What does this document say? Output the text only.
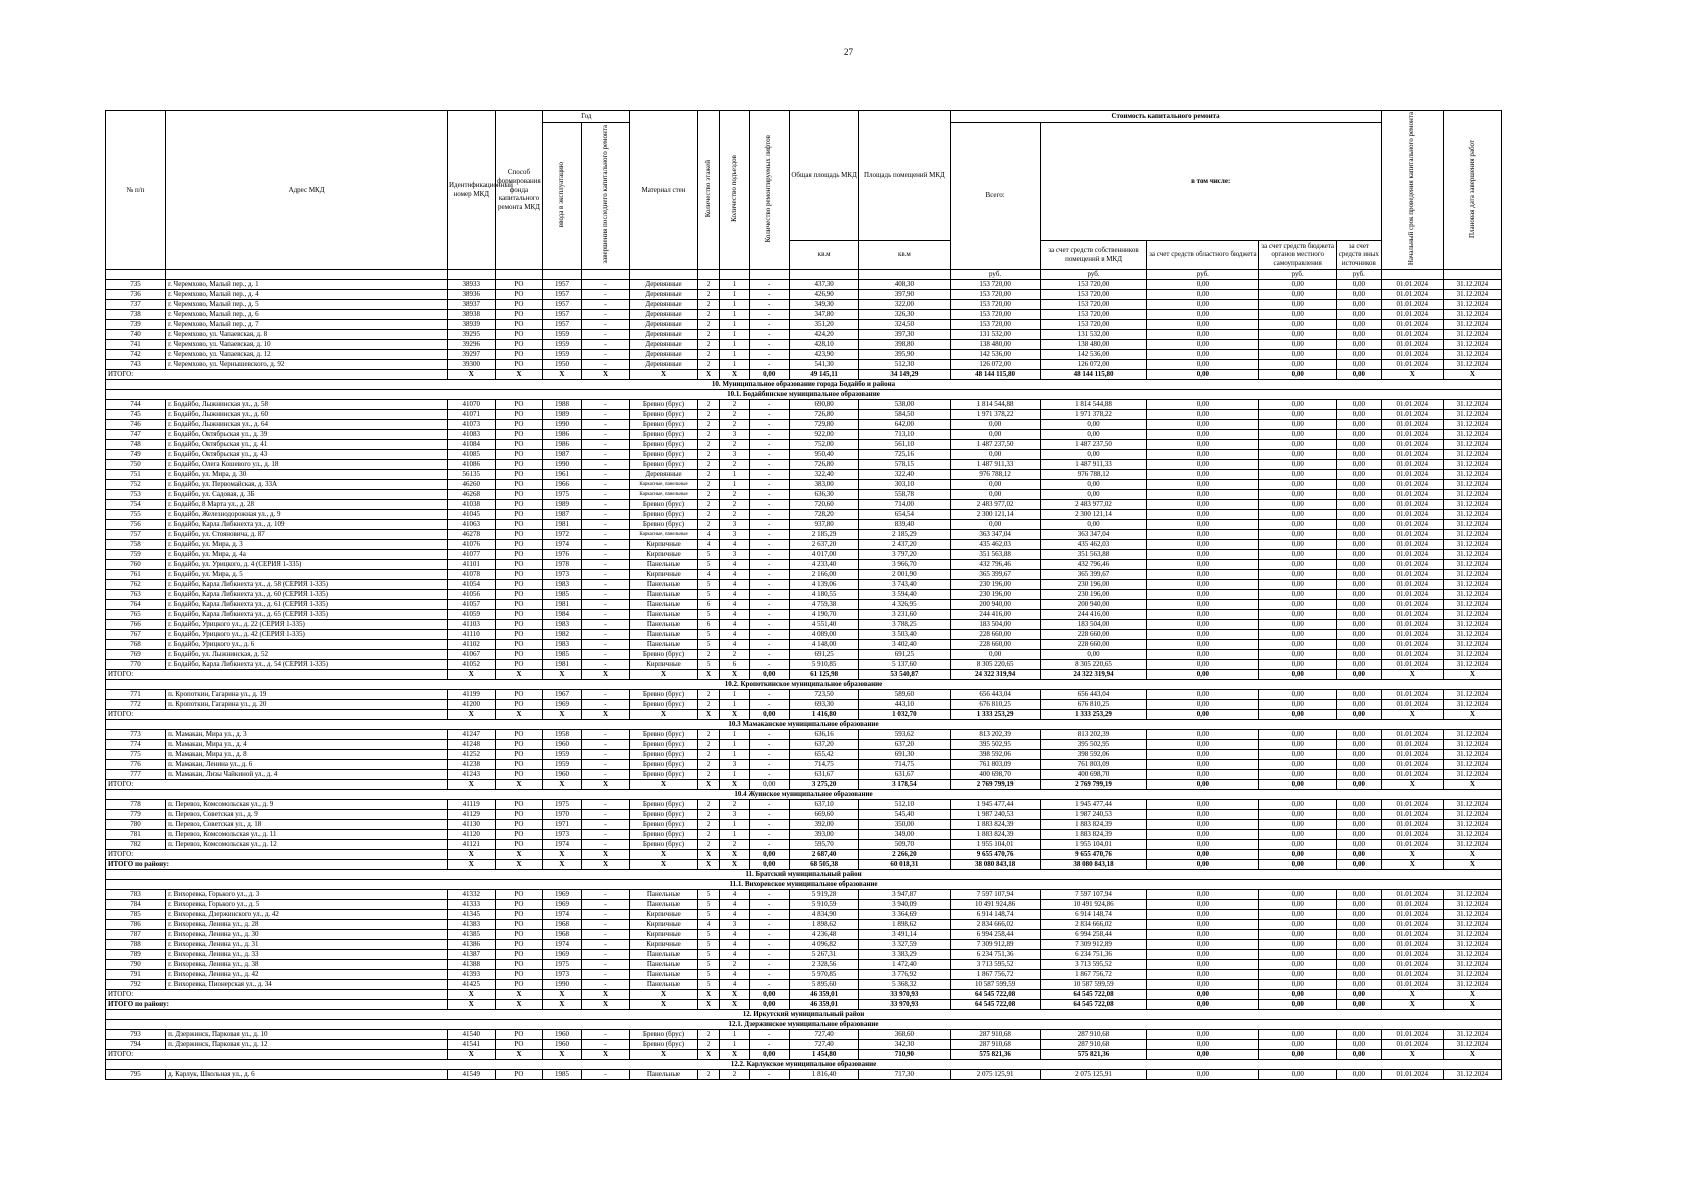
27
№ п/п	Адрес МКД	Идентификационный номер МКД	Способ формирования фонда капитального ремонта МКД	Год		Материал стен	Количество этажей	Количество подъездов	Количество ремонтируемых лифтов	Общая площадь МКД	Площадь помещений МКД	Стоимость капитального ремонта					Начальный срок проведения капитального ремонта	Плановая дата завершения работ
				ввода в эксплуатацию	завершения последнего капитального ремонта							Всего:	в том числе:					
										кв.м	кв.м		за счет средств собственников помещений в МКД	за счет средств областного бюджета	за счет средств бюджета органов местного самоуправления	за счет средств иных источников		
												руб.	руб.	руб.	руб.	руб.		
735	г. Черемхово, Малый пер., д. 1	38933	РО	1957	-	Деревянные	2	1	-	437,30	408,30	153 720,00	153 720,00	0,00	0,00	0,00	01.01.2024	31.12.2024
736	г. Черемхово, Малый пер., д. 4	38936	РО	1957	-	Деревянные	2	1	-	426,90	397,90	153 720,00	153 720,00	0,00	0,00	0,00	01.01.2024	31.12.2024
737	г. Черемхово, Малый пер., д. 5	38937	РО	1957	-	Деревянные	2	1	-	349,30	322,00	153 720,00	153 720,00	0,00	0,00	0,00	01.01.2024	31.12.2024
738	г. Черемхово, Малый пер., д. 6	38938	РО	1957	-	Деревянные	2	1	-	347,80	326,30	153 720,00	153 720,00	0,00	0,00	0,00	01.01.2024	31.12.2024
739	г. Черемхово, Малый пер., д. 7	38939	РО	1957	-	Деревянные	2	1	-	351,20	324,50	153 720,00	153 720,00	0,00	0,00	0,00	01.01.2024	31.12.2024
740	г. Черемхово, ул. Чапаевская, д. 8	39295	РО	1959	-	Деревянные	2	1	-	424,20	397,30	131 532,00	131 532,00	0,00	0,00	0,00	01.01.2024	31.12.2024
741	г. Черемхово, ул. Чапаевская, д. 10	39296	РО	1959	-	Деревянные	2	1	-	428,10	398,80	138 480,00	138 480,00	0,00	0,00	0,00	01.01.2024	31.12.2024
742	г. Черемхово, ул. Чапаевская, д. 12	39297	РО	1959	-	Деревянные	2	1	-	423,90	395,90	142 536,00	142 536,00	0,00	0,00	0,00	01.01.2024	31.12.2024
743	г. Черемхово, ул. Чернышевского, д. 92	39300	РО	1950	-	Деревянные	2	1	-	541,30	512,30	126 072,00	126 072,00	0,00	0,00	0,00	01.01.2024	31.12.2024
ИТОГО:		X	X	X	X	X	X	X	0,00	49 145,11	34 149,29	48 144 115,80	48 144 115,80	0,00	0,00	0,00	X	X
10. Муниципальное образование города Бодайбо и района																		
10.1. Бодайбинское муниципальное образование																		
744	г. Бодайбо, Лыжнинская ул., д. 58	41070	РО	1988	-	Бревно (брус)	2	2	-	690,80	538,00	1 814 544,88	1 814 544,88	0,00	0,00	0,00	01.01.2024	31.12.2024
745	г. Бодайбо, Лыжнинская ул., д. 60	41071	РО	1989	-	Бревно (брус)	2	2	-	726,80	584,50	1 971 378,22	1 971 378,22	0,00	0,00	0,00	01.01.2024	31.12.2024
746	г. Бодайбо, Лыжнинская ул., д. 64	41073	РО	1990	-	Бревно (брус)	2	2	-	729,80	642,00	0,00	0,00	0,00	0,00	0,00	01.01.2024	31.12.2024
747	г. Бодайбо, Октябрьская ул., д. 39	41083	РО	1986	-	Бревно (брус)	2	3	-	922,00	713,10	0,00	0,00	0,00	0,00	0,00	01.01.2024	31.12.2024
748	г. Бодайбо, Октябрьская ул., д. 41	41084	РО	1986	-	Бревно (брус)	2	2	-	752,00	561,10	1 487 237,50	1 487 237,50	0,00	0,00	0,00	01.01.2024	31.12.2024
749	г. Бодайбо, Октябрьская ул., д. 43	41085	РО	1987	-	Бревно (брус)	2	3	-	950,40	725,16	0,00	0,00	0,00	0,00	0,00	01.01.2024	31.12.2024
750	г. Бодайбо, Олега Кошевого ул., д. 18	41086	РО	1990	-	Бревно (брус)	2	2	-	726,80	578,15	1 487 911,33	1 487 911,33	0,00	0,00	0,00	01.01.2024	31.12.2024
751	г. Бодайбо, ул. Мира, д. 30	56135	РО	1961	-	Деревянные	2	1	-	322,40	322,40	976 788,12	976 788,12	0,00	0,00	0,00	01.01.2024	31.12.2024
752	г. Бодайбо, ул. Первомайская, д. 33А	46260	РО	1966	-	Каркасные, панельные	2	1	-	383,00	303,10	0,00	0,00	0,00	0,00	0,00	01.01.2024	31.12.2024
753	г. Бодайбо, ул. Садовая, д. 3Б	46268	РО	1975	-	Каркасные, панельные	2	2	-	636,30	558,78	0,00	0,00	0,00	0,00	0,00	01.01.2024	31.12.2024
754	г. Бодайбо, 8 Марта ул., д. 28	41038	РО	1989	-	Бревно (брус)	2	2	-	720,60	714,00	2 483 977,02	2 483 977,02	0,00	0,00	0,00	01.01.2024	31.12.2024
755	г. Бодайбо, Железнодорожная ул., д. 9	41045	РО	1987	-	Бревно (брус)	2	2	-	728,20	654,54	2 300 121,14	2 300 121,14	0,00	0,00	0,00	01.01.2024	31.12.2024
756	г. Бодайбо, Карла Либкнехта ул., д. 109	41063	РО	1981	-	Бревно (брус)	2	3	-	937,80	839,40	0,00	0,00	0,00	0,00	0,00	01.01.2024	31.12.2024
757	г. Бодайбо, ул. Стояновича, д. 87	46278	РО	1972	-	Каркасные, панельные	4	3	-	2 185,29	2 185,29	363 347,04	363 347,04	0,00	0,00	0,00	01.01.2024	31.12.2024
758	г. Бодайбо, ул. Мира, д. 3	41076	РО	1974	-	Кирпичные	4	4	-	2 637,20	2 437,20	435 462,03	435 462,03	0,00	0,00	0,00	01.01.2024	31.12.2024
759	г. Бодайбо, ул. Мира, д. 4а	41077	РО	1976	-	Кирпичные	5	3	-	4 017,00	3 797,20	351 563,88	351 563,88	0,00	0,00	0,00	01.01.2024	31.12.2024
760	г. Бодайбо, ул. Урицкого, д. 4 (СЕРИЯ 1-335)	41101	РО	1978	-	Панельные	5	4	-	4 233,40	3 966,70	432 796,46	432 796,46	0,00	0,00	0,00	01.01.2024	31.12.2024
761	г. Бодайбо, ул. Мира, д. 5	41078	РО	1973	-	Кирпичные	4	4	-	2 166,00	2 001,90	365 399,67	365 399,67	0,00	0,00	0,00	01.01.2024	31.12.2024
762	г. Бодайбо, Карла Либкнехта ул., д. 58 (СЕРИЯ 1-335)	41054	РО	1983	-	Панельные	5	4	-	4 139,06	3 743,40	230 196,00	230 196,00	0,00	0,00	0,00	01.01.2024	31.12.2024
763	г. Бодайбо, Карла Либкнехта ул., д. 60 (СЕРИЯ 1-335)	41056	РО	1985	-	Панельные	5	4	-	4 180,55	3 594,40	230 196,00	230 196,00	0,00	0,00	0,00	01.01.2024	31.12.2024
764	г. Бодайбо, Карла Либкнехта ул., д. 61 (СЕРИЯ 1-335)	41057	РО	1981	-	Панельные	6	4	-	4 759,38	4 326,95	200 940,00	200 940,00	0,00	0,00	0,00	01.01.2024	31.12.2024
765	г. Бодайбо, Карла Либкнехта ул., д. 65 (СЕРИЯ 1-335)	41059	РО	1984	-	Панельные	5	4	-	4 190,70	3 231,60	244 416,00	244 416,00	0,00	0,00	0,00	01.01.2024	31.12.2024
766	г. Бодайбо, Урицкого ул., д. 22 (СЕРИЯ 1-335)	41103	РО	1983	-	Панельные	6	4	-	4 551,40	3 788,25	183 504,00	183 504,00	0,00	0,00	0,00	01.01.2024	31.12.2024
767	г. Бодайбо, Урицкого ул., д. 42 (СЕРИЯ 1-335)	41110	РО	1982	-	Панельные	5	4	-	4 089,00	3 503,40	228 660,00	228 660,00	0,00	0,00	0,00	01.01.2024	31.12.2024
768	г. Бодайбо, Урицкого ул., д. 6	41102	РО	1983	-	Панельные	5	4	-	4 148,00	3 402,40	228 660,00	228 660,00	0,00	0,00	0,00	01.01.2024	31.12.2024
769	г. Бодайбо, ул. Лыжнинская, д. 52	41067	РО	1985	-	Бревно (брус)	2	2	-	691,25	691,25	0,00	0,00	0,00	0,00	0,00	01.01.2024	31.12.2024
770	г. Бодайбо, Карла Либкнехта ул., д. 54 (СЕРИЯ 1-335)	41052	РО	1981	-	Кирпичные	5	6	-	5 910,85	5 137,60	8 305 220,65	8 305 220,65	0,00	0,00	0,00	01.01.2024	31.12.2024
ИТОГО:		X	X	X	X	X	X	X	0,00	61 125,98	53 540,87	24 322 319,94	24 322 319,94	0,00	0,00	0,00	X	X
10.2. Кропоткинское муниципальное образование																		
771	п. Кропоткин, Гагарина ул., д. 19	41199	РО	1967	-	Бревно (брус)	2	1	-	723,50	589,60	656 443,04	656 443,04	0,00	0,00	0,00	01.01.2024	31.12.2024
772	п. Кропоткин, Гагарина ул., д. 20	41200	РО	1969	-	Бревно (брус)	2	1	-	693,30	443,10	676 810,25	676 810,25	0,00	0,00	0,00	01.01.2024	31.12.2024
ИТОГО:		X	X	X	X	X	X	X	0,00	1 416,80	1 032,70	1 333 253,29	1 333 253,29	0,00	0,00	0,00	X	X
10.3 Мамаканское муниципальное образование																		
773	п. Мамакан, Мира ул., д. 3	41247	РО	1958	-	Бревно (брус)	2	1	-	636,16	593,62	813 202,39	813 202,39	0,00	0,00	0,00	01.01.2024	31.12.2024
774	п. Мамакан, Мира ул., д. 4	41248	РО	1960	-	Бревно (брус)	2	1	-	637,20	637,20	395 502,95	395 502,95	0,00	0,00	0,00	01.01.2024	31.12.2024
775	п. Мамакан, Мира ул., д. 8	41252	РО	1959	-	Бревно (брус)	2	1	-	655,42	691,30	398 592,06	398 592,06	0,00	0,00	0,00	01.01.2024	31.12.2024
776	п. Мамакан, Ленина ул., д. 6	41238	РО	1959	-	Бревно (брус)	2	3	-	714,75	714,75	761 803,09	761 803,09	0,00	0,00	0,00	01.01.2024	31.12.2024
777	п. Мамакан, Лизы Чайкиной ул., д. 4	41243	РО	1960	-	Бревно (брус)	2	1	-	631,67	631,67	400 698,70	400 698,70	0,00	0,00	0,00	01.01.2024	31.12.2024
ИТОГО:		X	X	X	X	X	X	X	0,00	3 275,20	3 178,54	2 769 799,19	2 769 799,19	0,00	0,00	0,00	X	X
10.4 Жуинское муниципальное образование																		
778	п. Перевоз, Комсомольская ул., д. 9	41119	РО	1975	-	Бревно (брус)	2	2	-	637,10	512,10	1 945 477,44	1 945 477,44	0,00	0,00	0,00	01.01.2024	31.12.2024
779	п. Перевоз, Советская ул., д. 9	41129	РО	1970	-	Бревно (брус)	2	3	-	669,60	545,40	1 987 240,53	1 987 240,53	0,00	0,00	0,00	01.01.2024	31.12.2024
780	п. Перевоз, Советская ул., д. 18	41130	РО	1971	-	Бревно (брус)	2	1	-	392,00	350,00	1 883 824,39	1 883 824,39	0,00	0,00	0,00	01.01.2024	31.12.2024
781	п. Перевоз, Комсомольская ул., д. 11	41120	РО	1973	-	Бревно (брус)	2	1	-	393,00	349,00	1 883 824,39	1 883 824,39	0,00	0,00	0,00	01.01.2024	31.12.2024
782	п. Перевоз, Комсомольская ул., д. 12	41121	РО	1974	-	Бревно (брус)	2	2	-	595,70	509,70	1 955 104,01	1 955 104,01	0,00	0,00	0,00	01.01.2024	31.12.2024
ИТОГО:		X	X	X	X	X	X	X	0,00	2 687,40	2 266,20	9 655 470,76	9 655 470,76	0,00	0,00	0,00	X	X
ИТОГО по району:		X	X	X	X	X	X	X	0,00	68 505,38	60 018,31	38 080 843,18	38 080 843,18	0,00	0,00	0,00	X	X
11. Братский муниципальный район																		
11.1. Вихоревское муниципальное образование																		
783	г. Вихоревка, Горького ул., д. 3	41332	РО	1969	-	Панельные	5	4	-	5 919,28	3 947,87	7 597 107,94	7 597 107,94	0,00	0,00	0,00	01.01.2024	31.12.2024
784	г. Вихоревка, Горького ул., д. 5	41333	РО	1969	-	Панельные	5	4	-	5 910,59	3 940,09	10 491 924,86	10 491 924,86	0,00	0,00	0,00	01.01.2024	31.12.2024
785	г. Вихоревка, Дзержинского ул., д. 42	41345	РО	1974	-	Кирпичные	5	4	-	4 834,90	3 364,69	6 914 148,74	6 914 148,74	0,00	0,00	0,00	01.01.2024	31.12.2024
786	г. Вихоревка, Ленина ул., д. 28	41383	РО	1968	-	Кирпичные	4	3	-	1 898,62	1 898,62	2 834 666,02	2 834 666,02	0,00	0,00	0,00	01.01.2024	31.12.2024
787	г. Вихоревка, Ленина ул., д. 30	41385	РО	1968	-	Кирпичные	5	4	-	4 236,48	3 491,14	6 994 258,44	6 994 258,44	0,00	0,00	0,00	01.01.2024	31.12.2024
788	г. Вихоревка, Ленина ул., д. 31	41386	РО	1974	-	Кирпичные	5	4	-	4 096,82	3 327,59	7 309 912,89	7 309 912,89	0,00	0,00	0,00	01.01.2024	31.12.2024
789	г. Вихоревка, Ленина ул., д. 33	41387	РО	1969	-	Панельные	5	4	-	5 267,31	3 383,29	6 234 751,36	6 234 751,36	0,00	0,00	0,00	01.01.2024	31.12.2024
790	г. Вихоревка, Ленина ул., д. 38	41388	РО	1975	-	Панельные	5	2	-	2 328,56	1 472,40	3 713 595,52	3 713 595,52	0,00	0,00	0,00	01.01.2024	31.12.2024
791	г. Вихоревка, Ленина ул., д. 42	41393	РО	1973	-	Панельные	5	4	-	5 970,85	3 776,92	1 867 756,72	1 867 756,72	0,00	0,00	0,00	01.01.2024	31.12.2024
792	г. Вихоревка, Пионерская ул., д. 34	41425	РО	1990	-	Панельные	5	4	-	5 895,60	5 368,32	10 587 599,59	10 587 599,59	0,00	0,00	0,00	01.01.2024	31.12.2024
ИТОГО:		X	X	X	X	X	X	X	0,00	46 359,01	33 970,93	64 545 722,08	64 545 722,08	0,00	0,00	0,00	X	X
ИТОГО по району:		X	X	X	X	X	X	X	0,00	46 359,01	33 970,93	64 545 722,08	64 545 722,08	0,00	0,00	0,00	X	X
12. Иркутский муниципальный район																		
12.1. Дзержинское муниципальное образование																		
793	п. Дзержинск, Парковая ул., д. 10	41540	РО	1960	-	Бревно (брус)	2	1	-	727,40	368,60	287 910,68	287 910,68	0,00	0,00	0,00	01.01.2024	31.12.2024
794	п. Дзержинск, Парковая ул., д. 12	41541	РО	1960	-	Бревно (брус)	2	1	-	727,40	342,30	287 910,68	287 910,68	0,00	0,00	0,00	01.01.2024	31.12.2024
ИТОГО:		X	X	X	X	X	X	X	0,00	1 454,80	710,90	575 821,36	575 821,36	0,00	0,00	0,00	X	X
12.2. Карлукское муниципальное образование																		
795	д. Карлук, Школьная ул., д. 6	41549	РО	1985	-	Панельные	2	2	-	1 816,40	717,30	2 075 125,91	2 075 125,91	0,00	0,00	0,00	01.01.2024	31.12.2024
